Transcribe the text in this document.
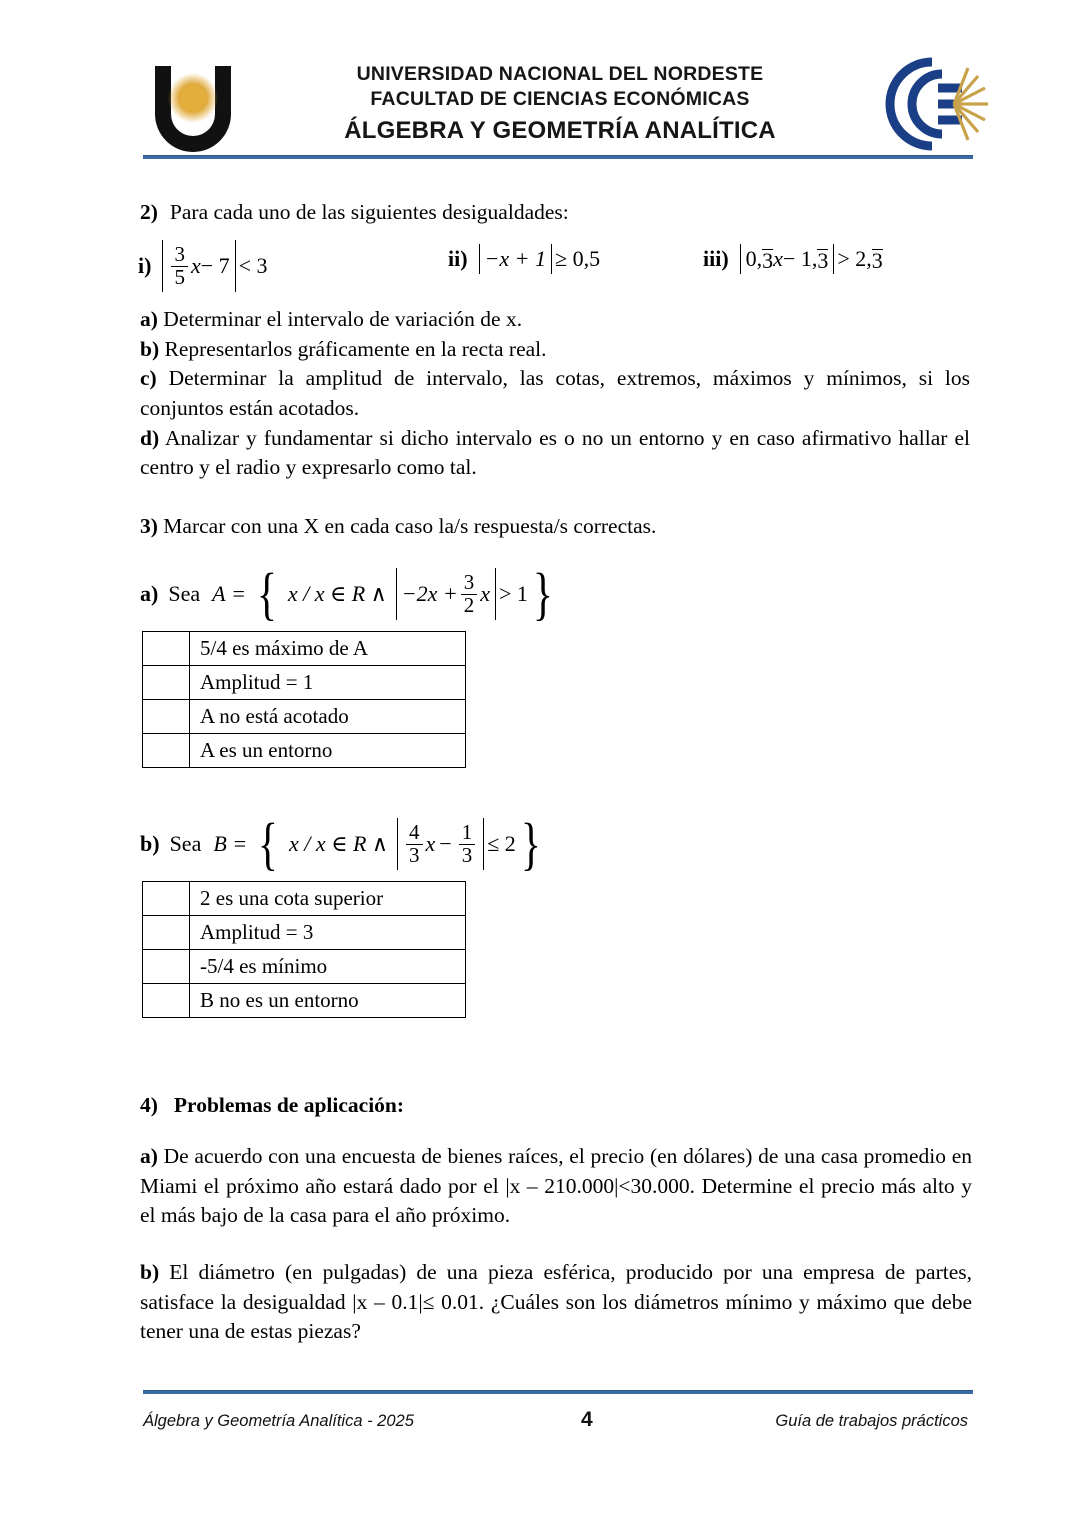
UNIVERSIDAD NACIONAL DEL NORDESTE
FACULTAD DE CIENCIAS ECONÓMICAS
ÁLGEBRA Y GEOMETRÍA ANALÍTICA
2) Para cada uno de las siguientes desigualdades:
$i) \frac{3}{5}$ x − 7 < 3	ii) −x + 1 ≥ 0,5	iii) 0, 3 x − 1, 3 > 2, 3

a) Determinar el intervalo de variación de x.

b) Representarlos gráficamente en la recta real.

c) Determinar la amplitud de intervalo, las cotas, extremos, máximos y mínimos, si los conjuntos están acotados.

d) Analizar y fundamentar si dicho intervalo es o no un entorno y en caso afirmativo hallar el centro y el radio y expresarlo como tal.

3) Marcar con una X en cada caso la/s respuesta/s correctas.
a) Sea A = { x / x ∈ R ∧ $-2x + \frac{3}{2}$ x > 1 }
	5/4 es máximo de A
	Amplitud = 1
	A no está acotado
	A es un entorno
b) Sea B = { x / x ∈ R ∧ $\frac{4}{3}$ $x - \frac{1}{3} \le 2$ }
	2 es una cota superior
	Amplitud = 3
	-5/4 es mínimo
	B no es un entorno
4) Problemas de aplicación:
a) De acuerdo con una encuesta de bienes raíces, el precio (en dólares) de una casa promedio en Miami el próximo año estará dado por el |x – 210.000|<30.000. Determine el precio más alto y el más bajo de la casa para el año próximo.
b) El diámetro (en pulgadas) de una pieza esférica, producido por una empresa de partes, satisface la desigualdad |x – 0.1|≤ 0.01. ¿Cuáles son los diámetros mínimo y máximo que debe tener una de estas piezas?
Álgebra y Geometría Analítica - 2025	4	Guía de trabajos prácticos
